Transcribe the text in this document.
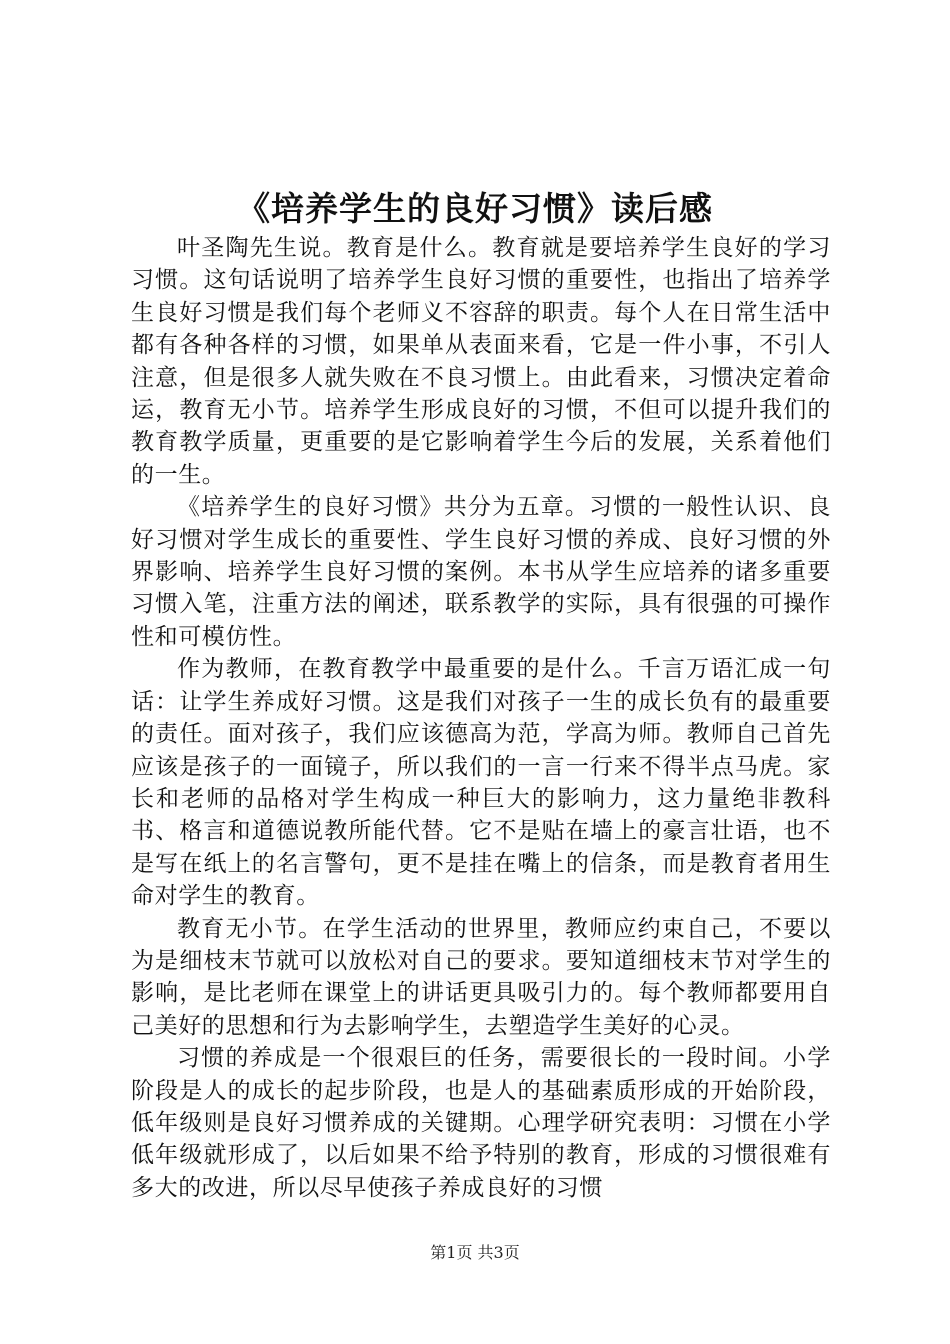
《培养学生的良好习惯》读后感

叶圣陶先生说。教育是什么。教育就是要培养学生良好的学习习惯。这句话说明了培养学生良好习惯的重要性，也指出了培养学生良好习惯是我们每个老师义不容辞的职责。每个人在日常生活中都有各种各样的习惯，如果单从表面来看，它是一件小事，不引人注意，但是很多人就失败在不良习惯上。由此看来，习惯决定着命运，教育无小节。培养学生形成良好的习惯，不但可以提升我们的教育教学质量，更重要的是它影响着学生今后的发展，关系着他们的一生。

《培养学生的良好习惯》共分为五章。习惯的一般性认识、良好习惯对学生成长的重要性、学生良好习惯的养成、良好习惯的外界影响、培养学生良好习惯的案例。本书从学生应培养的诸多重要习惯入笔，注重方法的阐述，联系教学的实际，具有很强的可操作性和可模仿性。

作为教师，在教育教学中最重要的是什么。千言万语汇成一句话：让学生养成好习惯。这是我们对孩子一生的成长负有的最重要的责任。面对孩子，我们应该德高为范，学高为师。教师自己首先应该是孩子的一面镜子，所以我们的一言一行来不得半点马虎。家长和老师的品格对学生构成一种巨大的影响力，这力量绝非教科书、格言和道德说教所能代替。它不是贴在墙上的豪言壮语，也不是写在纸上的名言警句，更不是挂在嘴上的信条，而是教育者用生命对学生的教育。

教育无小节。在学生活动的世界里，教师应约束自己，不要以为是细枝末节就可以放松对自己的要求。要知道细枝末节对学生的影响，是比老师在课堂上的讲话更具吸引力的。每个教师都要用自己美好的思想和行为去影响学生，去塑造学生美好的心灵。

习惯的养成是一个很艰巨的任务，需要很长的一段时间。小学阶段是人的成长的起步阶段，也是人的基础素质形成的开始阶段，低年级则是良好习惯养成的关键期。心理学研究表明：习惯在小学低年级就形成了，以后如果不给予特别的教育，形成的习惯很难有多大的改进，所以尽早使孩子养成良好的习惯

第1页 共3页
